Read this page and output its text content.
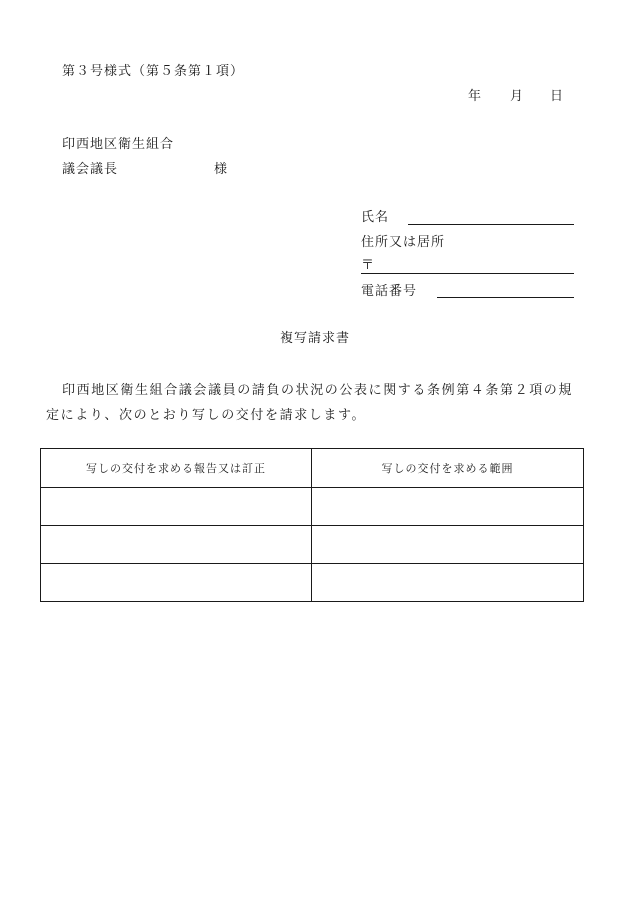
第３号様式（第５条第１項）
年 月 日
印西地区衛生組合
議会議長	様
氏名
住所又は居所
〒
電話番号
複写請求書
印西地区衛生組合議会議員の請負の状況の公表に関する条例第４条第２項の規定により、次のとおり写しの交付を請求します。
写しの交付を求める報告又は訂正	写しの交付を求める範囲
